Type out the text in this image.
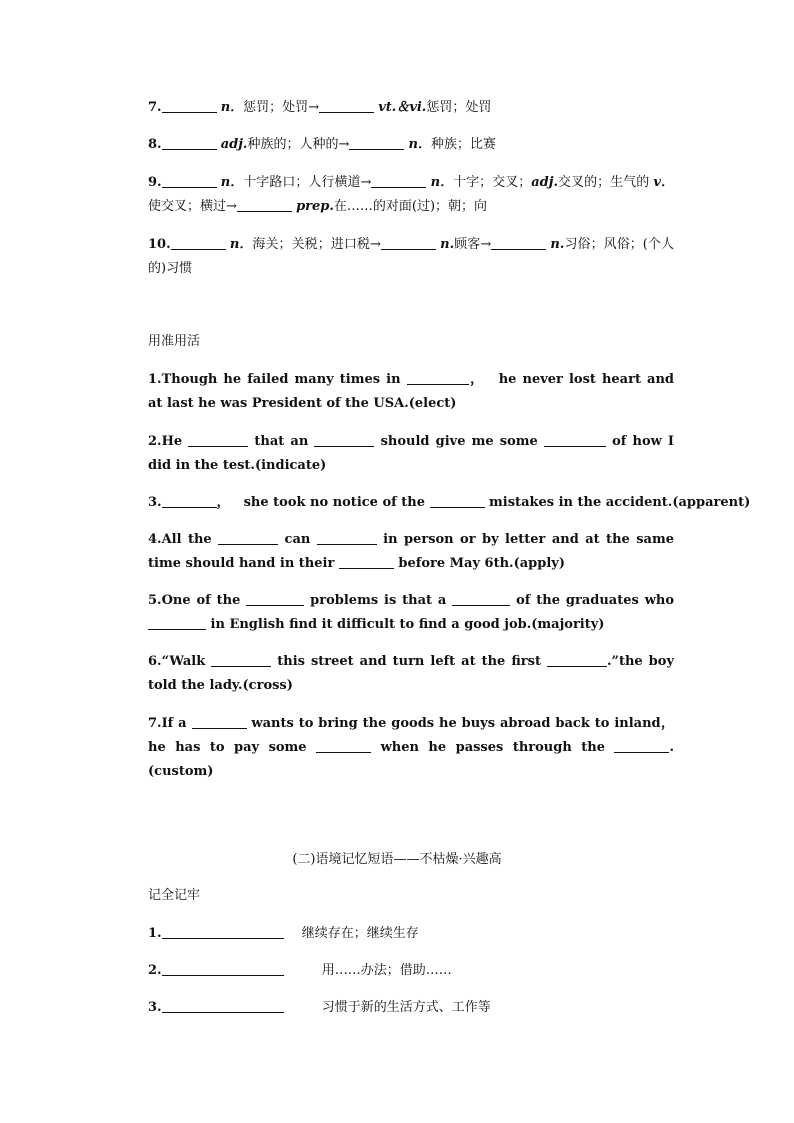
7.	n．惩罚；处罚→	vt.＆vi.惩罚；处罚
8.	adj.种族的；人种的→	n．种族；比赛
9.	n．十字路口；人行横道→	n．十字；交叉；adj.交叉的；生气的 v．使交叉；横过→	prep.在……的对面(过)；朝；向
10.	n．海关；关税；进口税→	n.顾客→	n.习俗；风俗；(个人的)习惯
用准用活
1.Though he failed many times in	， he never lost heart and at last he was President of the USA.(elect)
2.He	that an	should give me some	of how I did in the test.(indicate)
3.	， she took no notice of the	mistakes in the accident.(apparent)
4.All the	can	in person or by letter and at the same time should hand in their	before May 6th.(apply)
5.One of the	problems is that a	of the graduates who  in English find it difficult to find a good job.(majority)
6.“Walk	this street and turn left at the first	.”the boy told the lady.(cross)
7.If a	wants to bring the goods he buys abroad back to inland，he has to pay some	when he passes through the	.(custom)
(二)语境记忆短语——不枯燥·兴趣高
记全记牢
1.	继续存在；继续生存
2.	用……办法；借助……
3.	习惯于新的生活方式、工作等
